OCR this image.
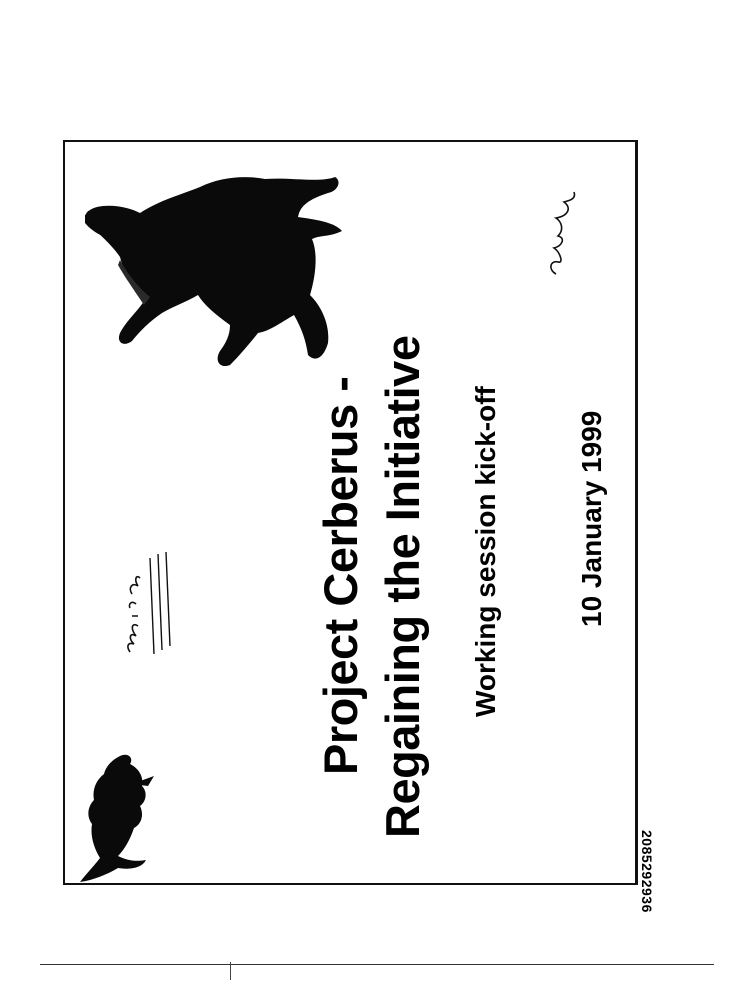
Project Cerberus - Regaining the Initiative Working session kick-off	10 January 1999
2085292936
